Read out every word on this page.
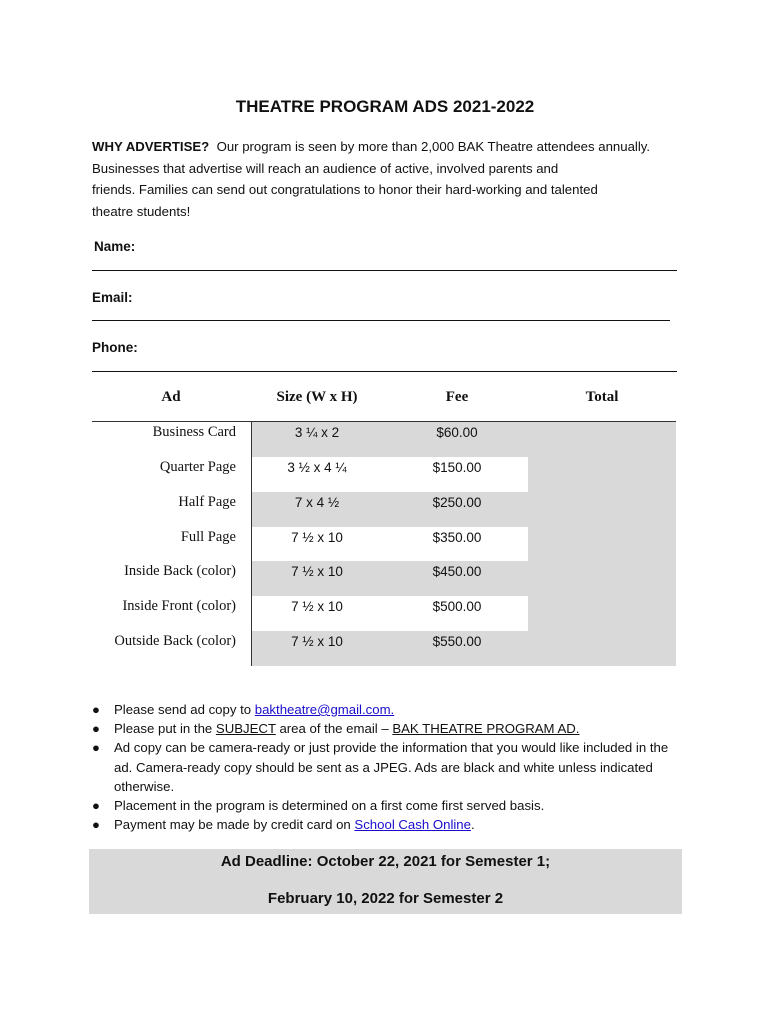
THEATRE PROGRAM ADS 2021-2022
WHY ADVERTISE? Our program is seen by more than 2,000 BAK Theatre attendees annually.
Businesses that advertise will reach an audience of active, involved parents and
friends. Families can send out congratulations to honor their hard-working and talented
theatre students!
Name:
Email:
Phone:
Ad	Size (W x H)	Fee	Total
Business Card	3 ¼ x 2	$60.00
Quarter Page	3 ½ x 4 ¼	$150.00
Half Page	7 x 4 ½	$250.00
Full Page	7 ½ x 10	$350.00
Inside Back (color)	7 ½ x 10	$450.00
Inside Front (color)	7 ½ x 10	$500.00
Outside Back (color)	7 ½ x 10	$550.00
● Please send ad copy to baktheatre@gmail.com.
● Please put in the SUBJECT area of the email – BAK THEATRE PROGRAM AD.
● Ad copy can be camera-ready or just provide the information that you would like included in the ad. Camera-ready copy should be sent as a JPEG. Ads are black and white unless indicated otherwise.
● Placement in the program is determined on a first come first served basis.
● Payment may be made by credit card on School Cash Online.
Ad Deadline: October 22, 2021 for Semester 1;
February 10, 2022 for Semester 2
